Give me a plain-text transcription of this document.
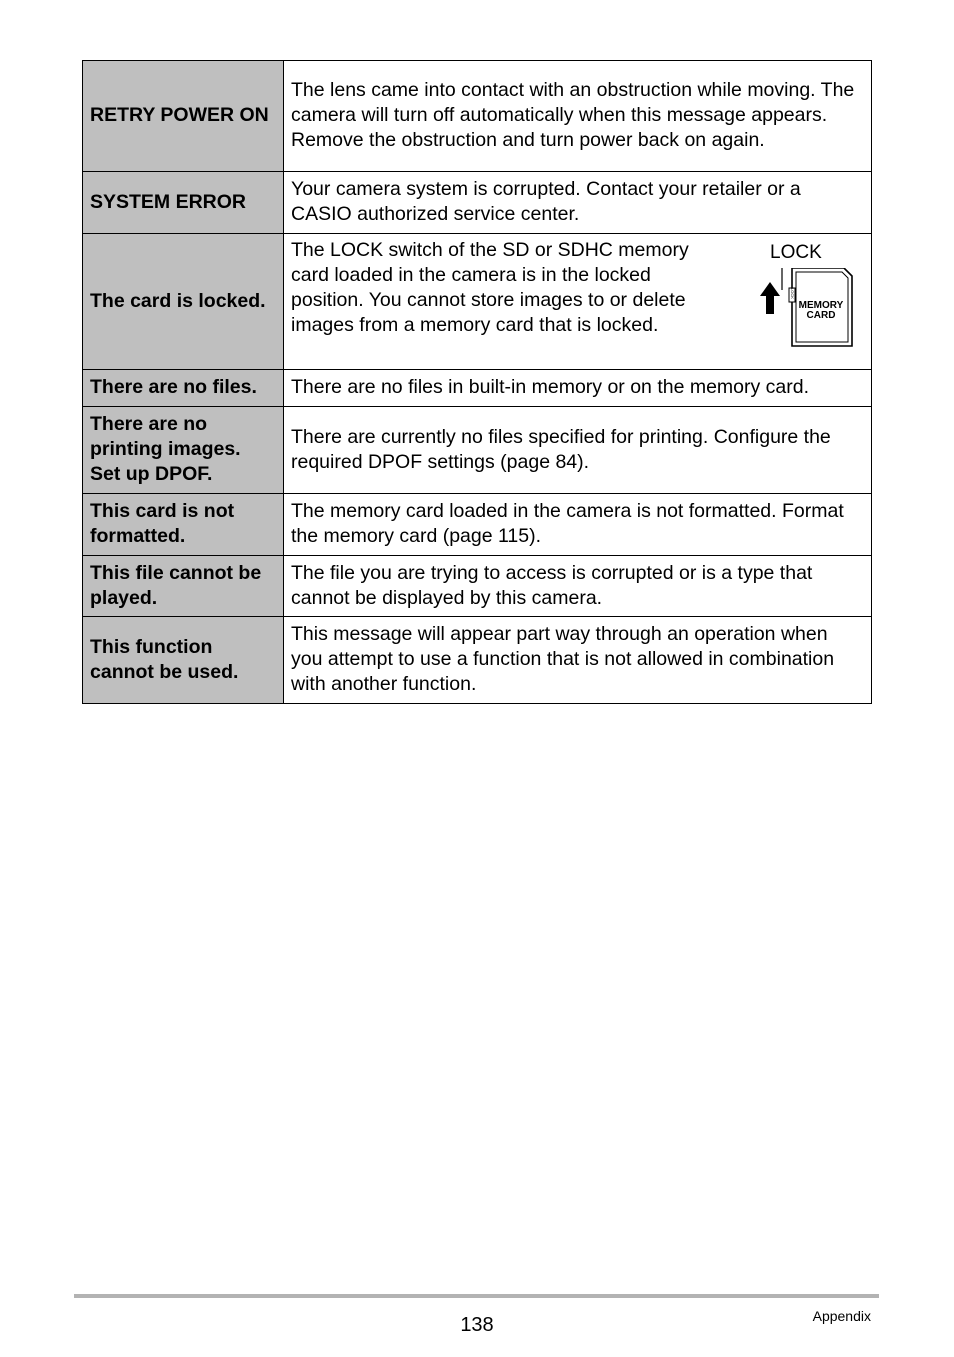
RETRY POWER ON	The lens came into contact with an obstruction while moving. The camera will turn off automatically when this message appears. Remove the obstruction and turn power back on again.
SYSTEM ERROR	Your camera system is corrupted. Contact your retailer or a CASIO authorized service center.
The card is locked.	The LOCK switch of the SD or SDHC memory card loaded in the camera is in the locked position. You cannot store images to or delete images from a memory card that is locked.
LOCK
LOCK
MEMORY
CARD

There are no files.	There are no files in built-in memory or on the memory card.
There are no printing images. Set up DPOF.	There are currently no files specified for printing. Configure the required DPOF settings (page 84).
This card is not formatted.	The memory card loaded in the camera is not formatted. Format the memory card (page 115).
This file cannot be played.	The file you are trying to access is corrupted or is a type that cannot be displayed by this camera.
This function cannot be used.	This message will appear part way through an operation when you attempt to use a function that is not allowed in combination with another function.
138	Appendix
